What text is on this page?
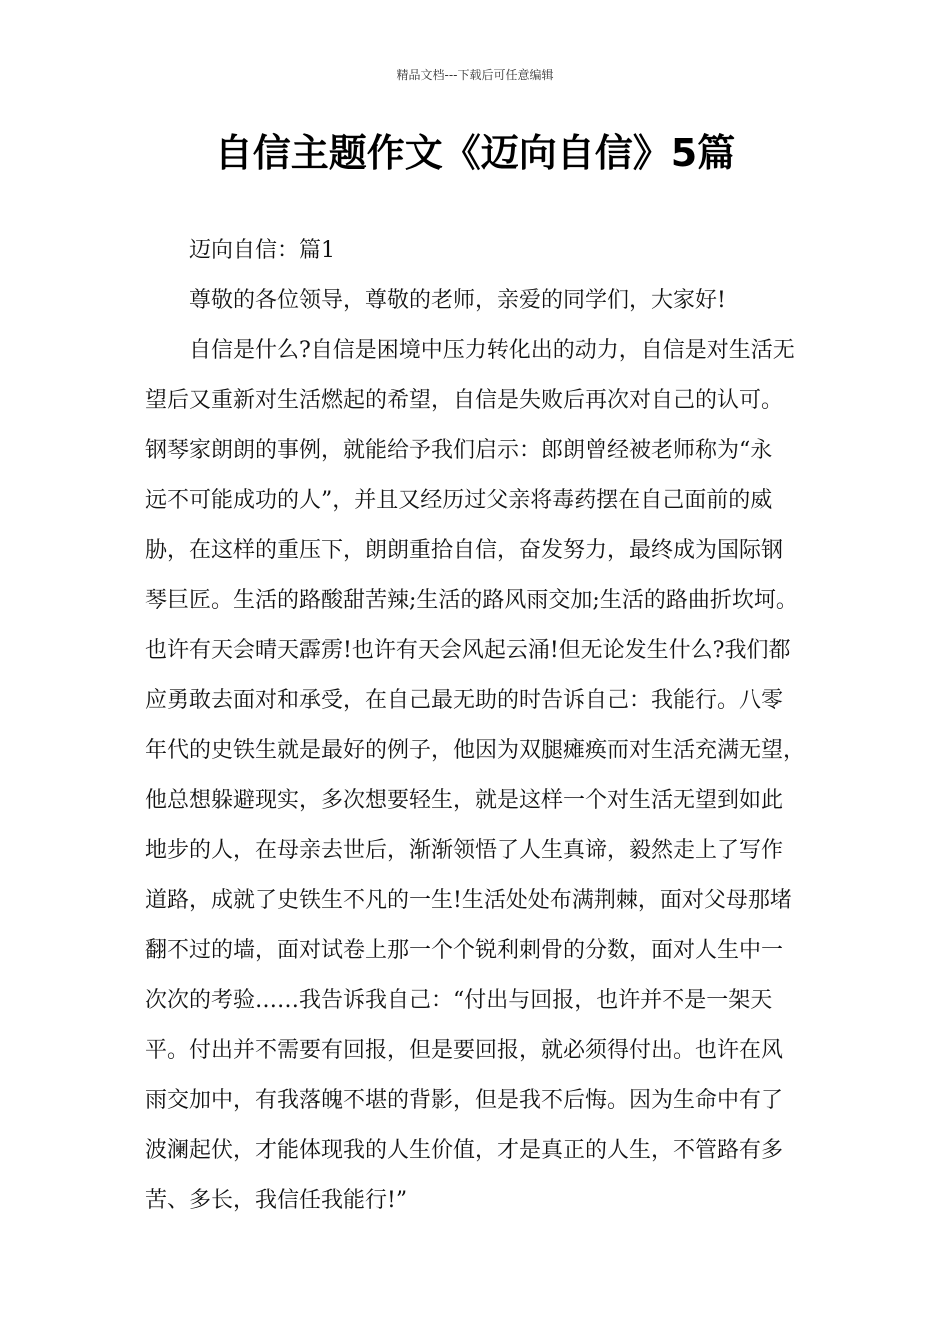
精品文档---下载后可任意编辑
自信主题作文《迈向自信》5篇
迈向自信：篇1
尊敬的各位领导，尊敬的老师，亲爱的同学们，大家好!
自信是什么?自信是困境中压力转化出的动力，自信是对生活无
望后又重新对生活燃起的希望，自信是失败后再次对自己的认可。
钢琴家朗朗的事例，就能给予我们启示：郎朗曾经被老师称为“永
远不可能成功的人”，并且又经历过父亲将毒药摆在自己面前的威
胁，在这样的重压下，朗朗重拾自信，奋发努力，最终成为国际钢
琴巨匠。生活的路酸甜苦辣;生活的路风雨交加;生活的路曲折坎坷。
也许有天会晴天霹雳!也许有天会风起云涌!但无论发生什么?我们都
应勇敢去面对和承受，在自己最无助的时告诉自己：我能行。八零
年代的史铁生就是最好的例子，他因为双腿瘫痪而对生活充满无望，
他总想躲避现实，多次想要轻生，就是这样一个对生活无望到如此
地步的人，在母亲去世后，渐渐领悟了人生真谛，毅然走上了写作
道路，成就了史铁生不凡的一生!生活处处布满荆棘，面对父母那堵
翻不过的墙，面对试卷上那一个个锐利刺骨的分数，面对人生中一
次次的考验……我告诉我自己：“付出与回报，也许并不是一架天
平。付出并不需要有回报，但是要回报，就必须得付出。也许在风
雨交加中，有我落魄不堪的背影，但是我不后悔。因为生命中有了
波澜起伏，才能体现我的人生价值，才是真正的人生，不管路有多
苦、多长，我信任我能行!”
